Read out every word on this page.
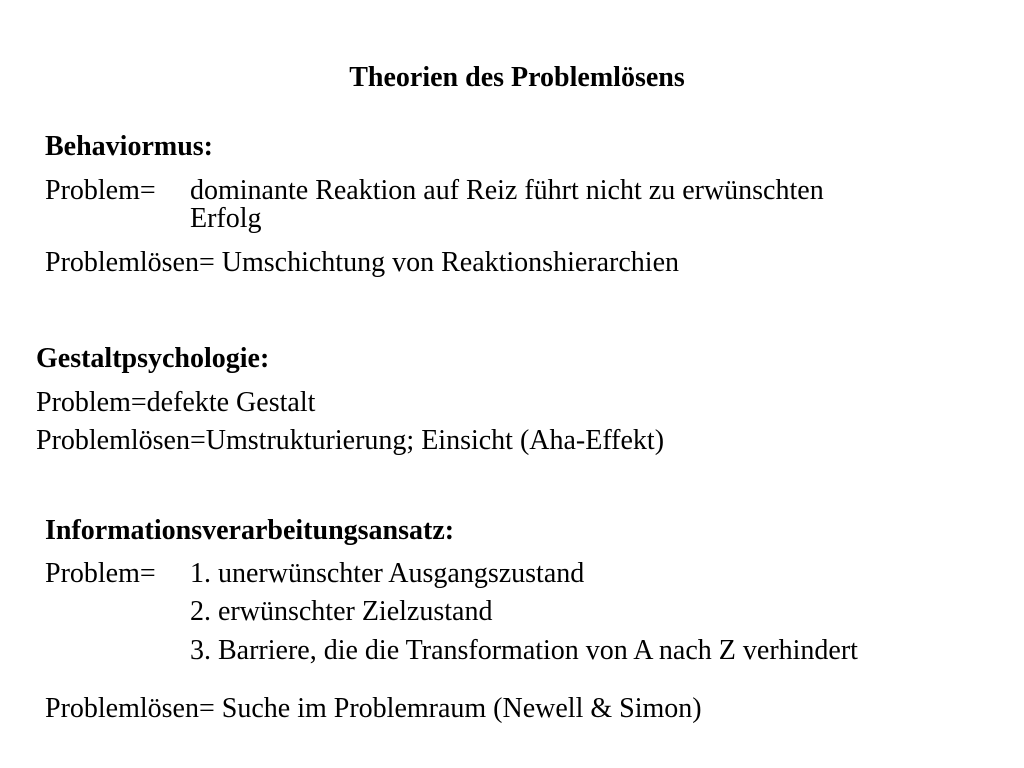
Theorien des Problemlösens
Behaviormus:
Problem= dominante Reaktion auf Reiz führt nicht zu erwünschten
Erfolg
Problemlösen= Umschichtung von Reaktionshierarchien
Gestaltpsychologie:
Problem=defekte Gestalt
Problemlösen=Umstrukturierung; Einsicht (Aha-Effekt)
Informationsverarbeitungsansatz:
Problem= 1. unerwünschter Ausgangszustand
2. erwünschter Zielzustand
3. Barriere, die die Transformation von A nach Z verhindert
Problemlösen= Suche im Problemraum (Newell & Simon)
